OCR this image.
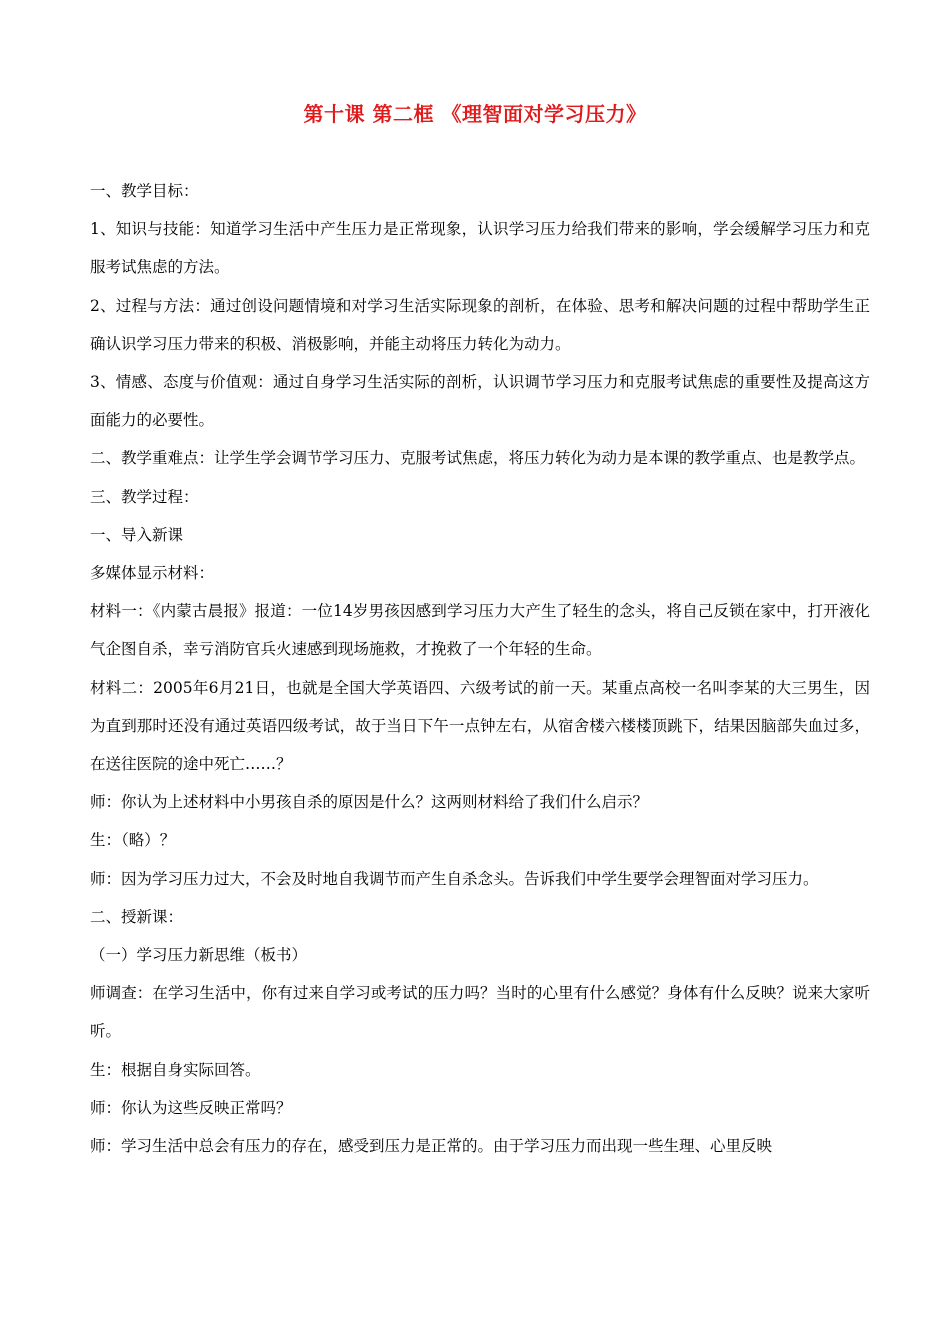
第十课 第二框 《理智面对学习压力》

一、教学目标：

1、知识与技能：知道学习生活中产生压力是正常现象，认识学习压力给我们带来的影响，学会缓解学习压力和克服考试焦虑的方法。

2、过程与方法：通过创设问题情境和对学习生活实际现象的剖析，在体验、思考和解决问题的过程中帮助学生正确认识学习压力带来的积极、消极影响，并能主动将压力转化为动力。

3、情感、态度与价值观：通过自身学习生活实际的剖析，认识调节学习压力和克服考试焦虑的重要性及提高这方面能力的必要性。

二、教学重难点：让学生学会调节学习压力、克服考试焦虑，将压力转化为动力是本课的教学重点、也是教学点。

三、教学过程：

一、导入新课

多媒体显示材料：

材料一：《内蒙古晨报》报道：一位14岁男孩因感到学习压力大产生了轻生的念头，将自己反锁在家中，打开液化气企图自杀，幸亏消防官兵火速感到现场施救，才挽救了一个年轻的生命。

材料二：2005年6月21日，也就是全国大学英语四、六级考试的前一天。某重点高校一名叫李某的大三男生，因为直到那时还没有通过英语四级考试，故于当日下午一点钟左右，从宿舍楼六楼楼顶跳下，结果因脑部失血过多，在送往医院的途中死亡……？

师：你认为上述材料中小男孩自杀的原因是什么？这两则材料给了我们什么启示？

生：（略）？

师：因为学习压力过大，不会及时地自我调节而产生自杀念头。告诉我们中学生要学会理智面对学习压力。

二、授新课：

（一）学习压力新思维（板书）

师调查：在学习生活中，你有过来自学习或考试的压力吗？当时的心里有什么感觉？身体有什么反映？说来大家听听。

生：根据自身实际回答。

师：你认为这些反映正常吗？

师：学习生活中总会有压力的存在，感受到压力是正常的。由于学习压力而出现一些生理、心里反映
